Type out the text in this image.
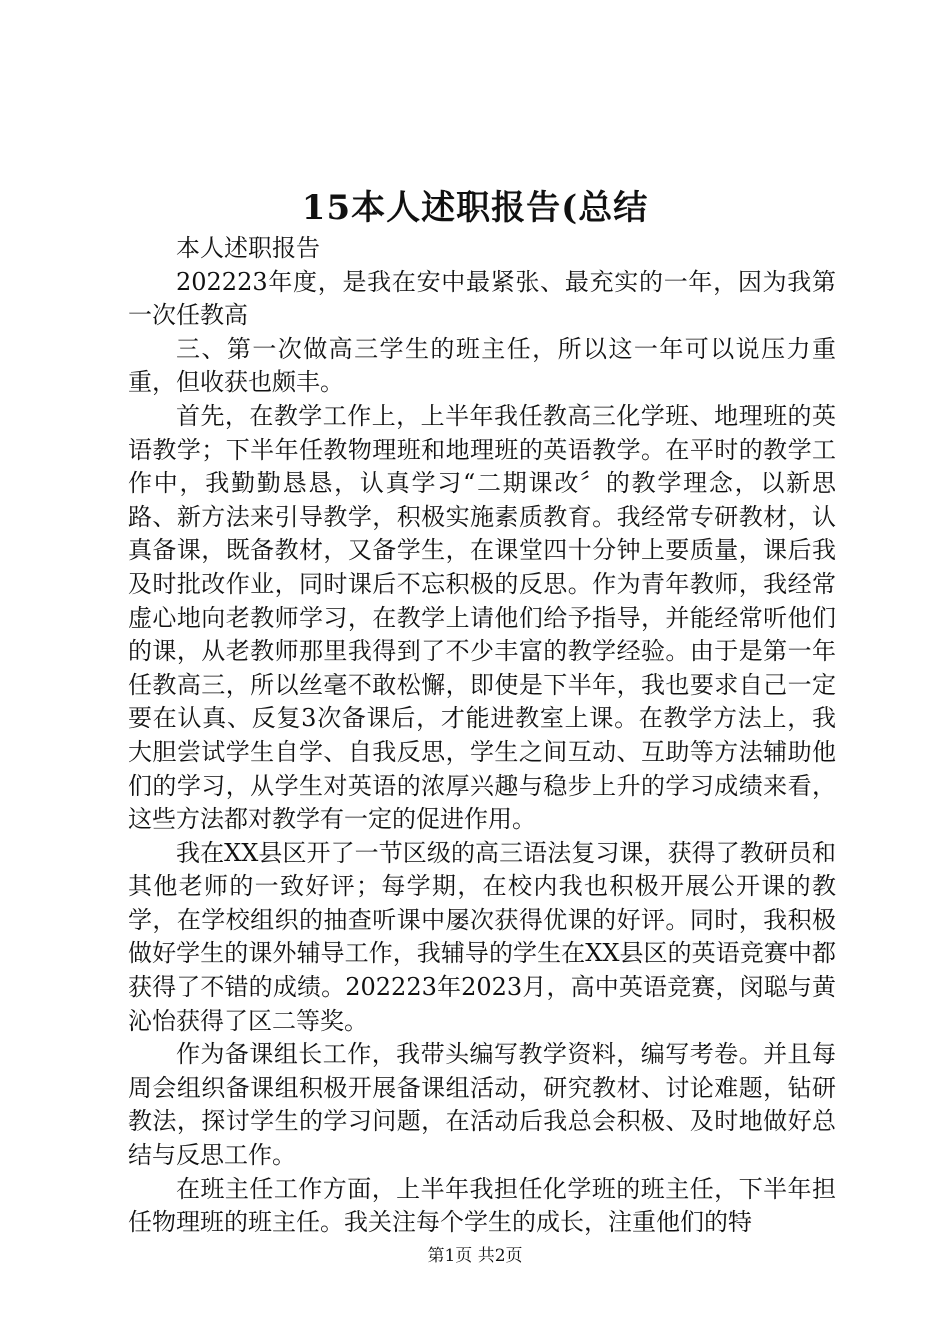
15本人述职报告(总结

本人述职报告

202223年度，是我在安中最紧张、最充实的一年，因为我第一次任教高

三、第一次做高三学生的班主任，所以这一年可以说压力重重，但收获也颇丰。

首先，在教学工作上，上半年我任教高三化学班、地理班的英语教学；下半年任教物理班和地理班的英语教学。在平时的教学工作中，我勤勤恳恳，认真学习“二期课改〞的教学理念，以新思路、新方法来引导教学，积极实施素质教育。我经常专研教材，认真备课，既备教材，又备学生，在课堂四十分钟上要质量，课后我及时批改作业，同时课后不忘积极的反思。作为青年教师，我经常虚心地向老教师学习，在教学上请他们给予指导，并能经常听他们的课，从老教师那里我得到了不少丰富的教学经验。由于是第一年任教高三，所以丝毫不敢松懈，即使是下半年，我也要求自己一定要在认真、反复3次备课后，才能进教室上课。在教学方法上，我大胆尝试学生自学、自我反思，学生之间互动、互助等方法辅助他们的学习，从学生对英语的浓厚兴趣与稳步上升的学习成绩来看，这些方法都对教学有一定的促进作用。

我在XX县区开了一节区级的高三语法复习课，获得了教研员和其他老师的一致好评；每学期，在校内我也积极开展公开课的教学，在学校组织的抽查听课中屡次获得优课的好评。同时，我积极做好学生的课外辅导工作，我辅导的学生在XX县区的英语竞赛中都获得了不错的成绩。202223年2023月，高中英语竞赛，闵聪与黄沁怡获得了区二等奖。

作为备课组长工作，我带头编写教学资料，编写考卷。并且每周会组织备课组积极开展备课组活动，研究教材、讨论难题，钻研教法，探讨学生的学习问题，在活动后我总会积极、及时地做好总结与反思工作。

在班主任工作方面，上半年我担任化学班的班主任，下半年担任物理班的班主任。我关注每个学生的成长，注重他们的特

第1页 共2页
